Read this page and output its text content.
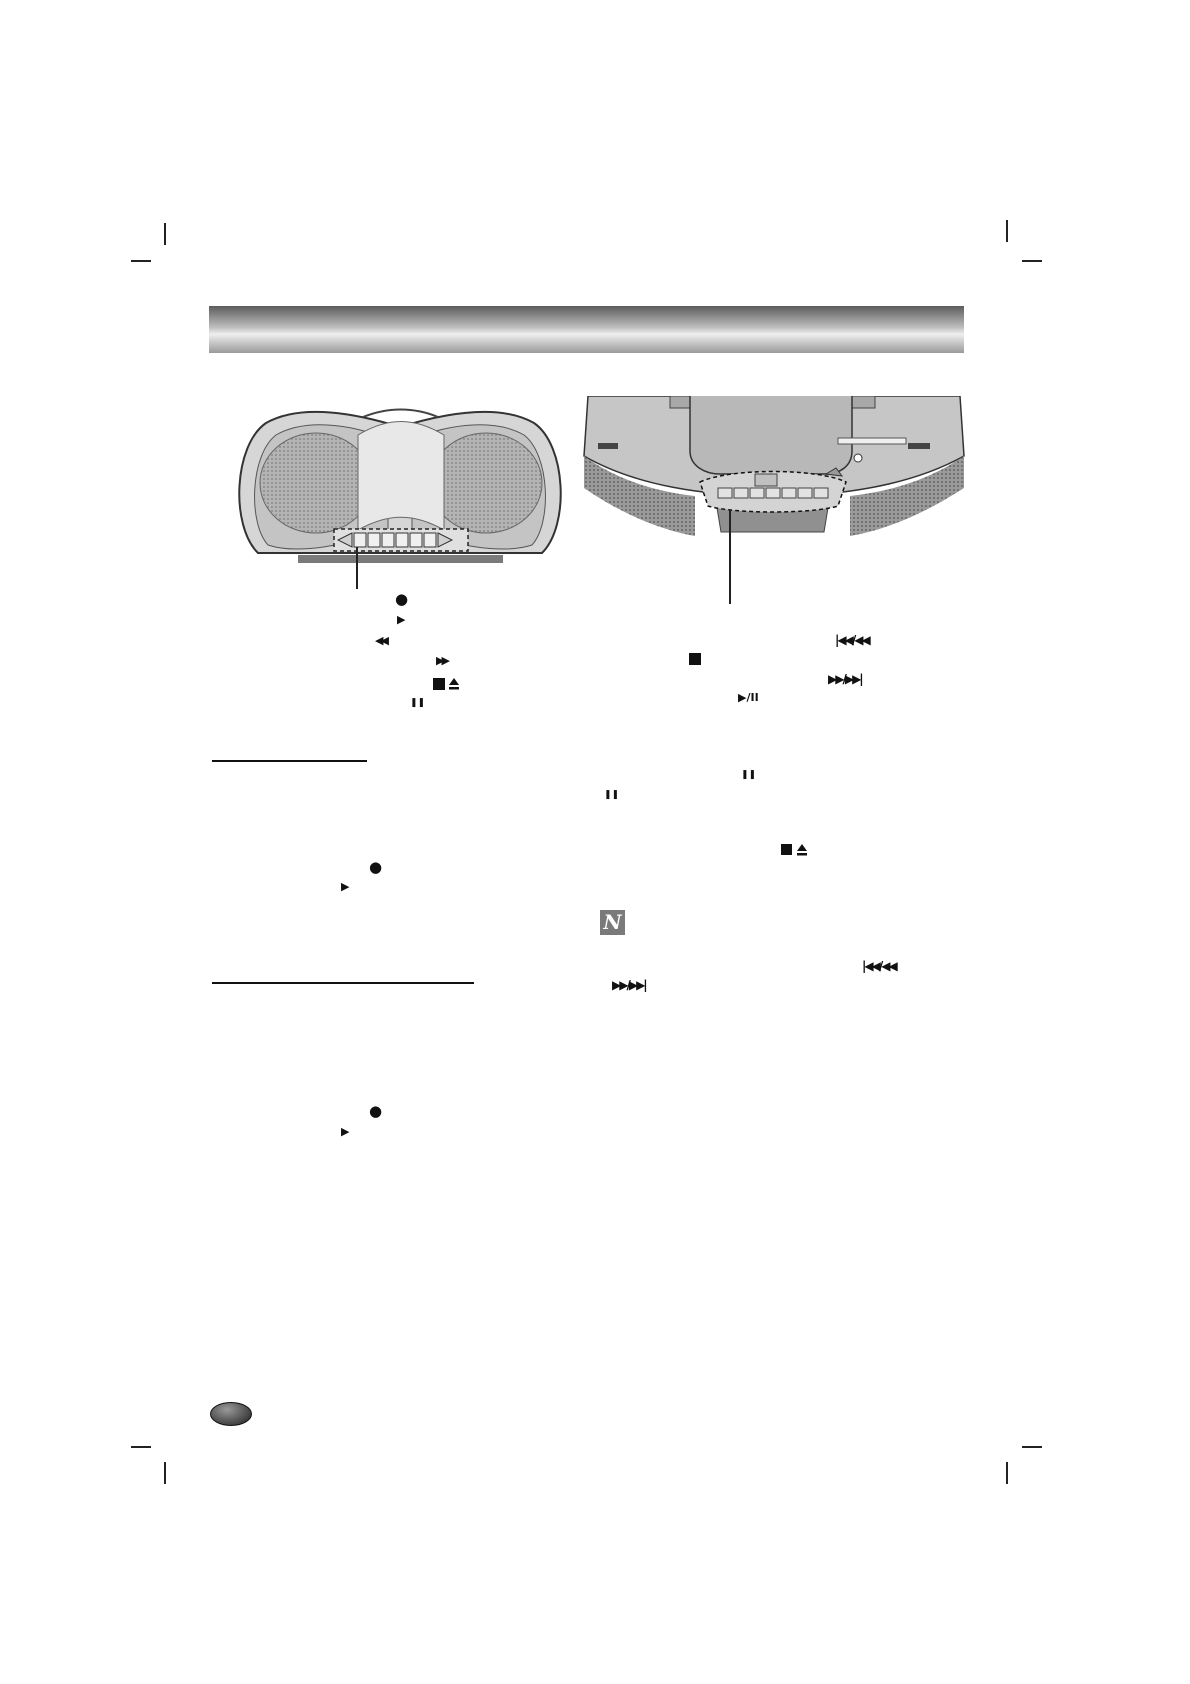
●
▶
◀◀
▶▶
❚❚
●
▶
●
▶
|◀◀/◀◀
▶▶/▶▶|
▶/II
❚❚
❚❚
N
|◀◀/◀◀
▶▶/▶▶|
